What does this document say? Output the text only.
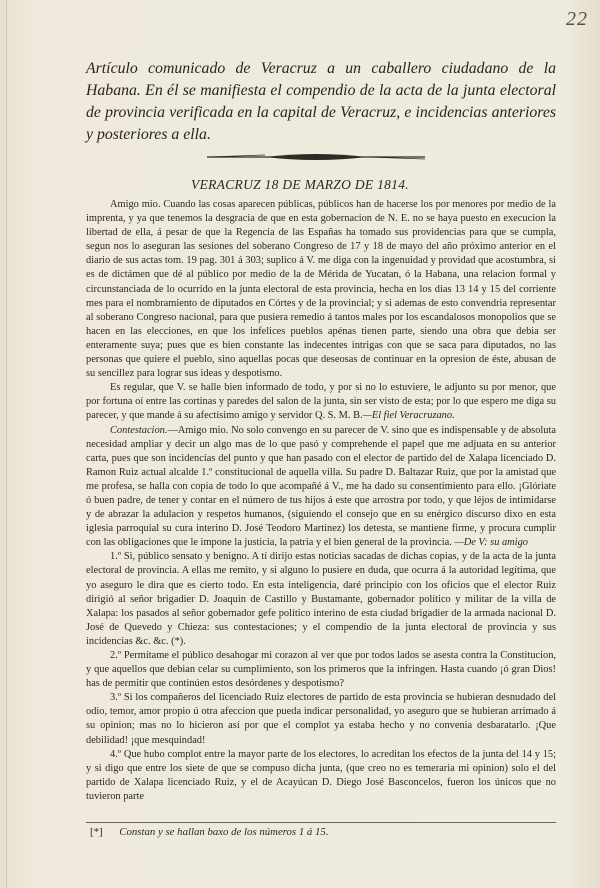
22
Artículo comunicado de Veracruz a un caballero ciudadano de la Habana. En él se manifiesta el compendio de la acta de la junta electoral de provincia verificada en la capital de Veracruz, e incidencias anteriores y posteriores a ella.
VERACRUZ 18 DE MARZO DE 1814.

Amigo mio. Cuando las cosas aparecen públicas, públicos han de hacerse los por menores por medio de la imprenta, y ya que tenemos la desgracia de que en esta gobernacion de N. E. no se haya puesto en execucion la libertad de ella, á pesar de que la Regencia de las Españas ha tomado sus providencias para que se cumpla, segun nos lo aseguran las sesiones del soberano Congreso de 17 y 18 de mayo del año próximo anterior en el diario de sus actas tom. 19 pag. 301 á 303; suplico á V. me diga con la ingenuidad y providad que acostumbra, si es de dictámen que dé al público por medio de la de Mérida de Yucatan, ó la Habana, una relacion formal y circunstanciada de lo ocurrido en la junta electoral de esta provincia, hecha en los dias 13 14 y 15 del corriente mes para el nombramiento de diputados en Córtes y de la provincial; y si ademas de esto convendria representar al soberano Congreso nacional, para que pusiera remedio á tantos males por los escandalosos monopolios que se hacen en las elecciones, en que los infelices pueblos apénas tienen parte, siendo una obra que debia ser enteramente suya; pues que es bien constante las indecentes intrigas con que se saca para diputados, no las personas que quiere el pueblo, sino aquellas pocas que deseosas de continuar en la opresion de éste, abusan de su sencillez para lograr sus ideas y despotismo.

Es regular, que V. se halle bien informado de todo, y por si no lo estuviere, le adjunto su por menor, que por fortuna oí entre las cortinas y paredes del salon de la junta, sin ser visto de esta; por lo que espero me diga su parecer, y que mande á su afectísimo amigo y servidor Q. S. M. B.—El fiel Veracruzano.

Contestacion.—Amigo mio. No solo convengo en su parecer de V. sino que es indispensable y de absoluta necesidad ampliar y decir un algo mas de lo que pasó y comprehende el papel que me adjuata en su anterior carta, pues que son incidencias del punto y que han pasado con el elector de partido del de Xalapa licenciado D. Ramon Ruiz actual alcalde 1.º constitucional de aquella villa. Su padre D. Baltazar Ruiz, que por la amistad que me profesa, se halla con copia de todo lo que acompañé á V., me ha dado su consentimiento para ello. ¡Glóriate ó buen padre, de tener y contar en el número de tus hijos á este que arrostra por todo, y que léjos de intimidarse y de abrazar la adulacion y respetos humanos, (siguiendo el consejo que en su enérgico discurso dixo en esta iglesia parroquial su cura interino D. José Teodoro Martinez) los detesta, se mantiene firme, y procura cumplir con las obligaciones que le impone la justicia, la patria y el bien general de la provincia. —De V: su amigo

1.º Si, público sensato y benigno. A tí dirijo estas noticias sacadas de dichas copias, y de la acta de la junta electoral de provincia. A ellas me remito, y si alguno lo pusiere en duda, que ocurra á la autoridad legítima, que yo aseguro le dira que es cierto todo. En esta inteligencia, daré principio con los oficios que el elector Ruiz dirigió al señor brigadier D. Joaquin de Castillo y Bustamante, gobernador político y militar de la villa de Xalapa: los pasados al señor gobernador gefe político interino de esta ciudad brigadier de la armada nacional D. José de Quevedo y Chieza: sus contestaciones; y el compendio de la junta electoral de provincia y sus incidencias &c. &c. (*).

2.º Permítame el público desahogar mi corazon al ver que por todos lados se asesta contra la Constitucion, y que aquellos que debian celar su cumplimiento, son los primeros que la infringen. Hasta cuando ¡ó gran Dios! has de permitir que continúen estos desórdenes y despotismo?

3.º Si los compañeros del licenciado Ruiz electores de partido de esta provincia se hubieran desnudado del odio, temor, amor propio ú otra afeccion que pueda indicar personalidad, yo aseguro que se hubieran arrimado á su opinion; mas no lo hicieron así por que el complot ya estaba hecho y no convenia desbaratarlo. ¡Que debilidad! ¡que mesquindad!

4.º Que hubo complot entre la mayor parte de los electores, lo acreditan los efectos de la junta del 14 y 15; y si digo que entre los siete de que se compuso dicha junta, (que creo no es temeraria mi opinion) solo el del partido de Xalapa licenciado Ruiz, y el de Acayúcan D. Diego José Basconcelos, fueron los únicos que no tuvieron parte

[*] Constan y se hallan baxo de los números 1 á 15.
